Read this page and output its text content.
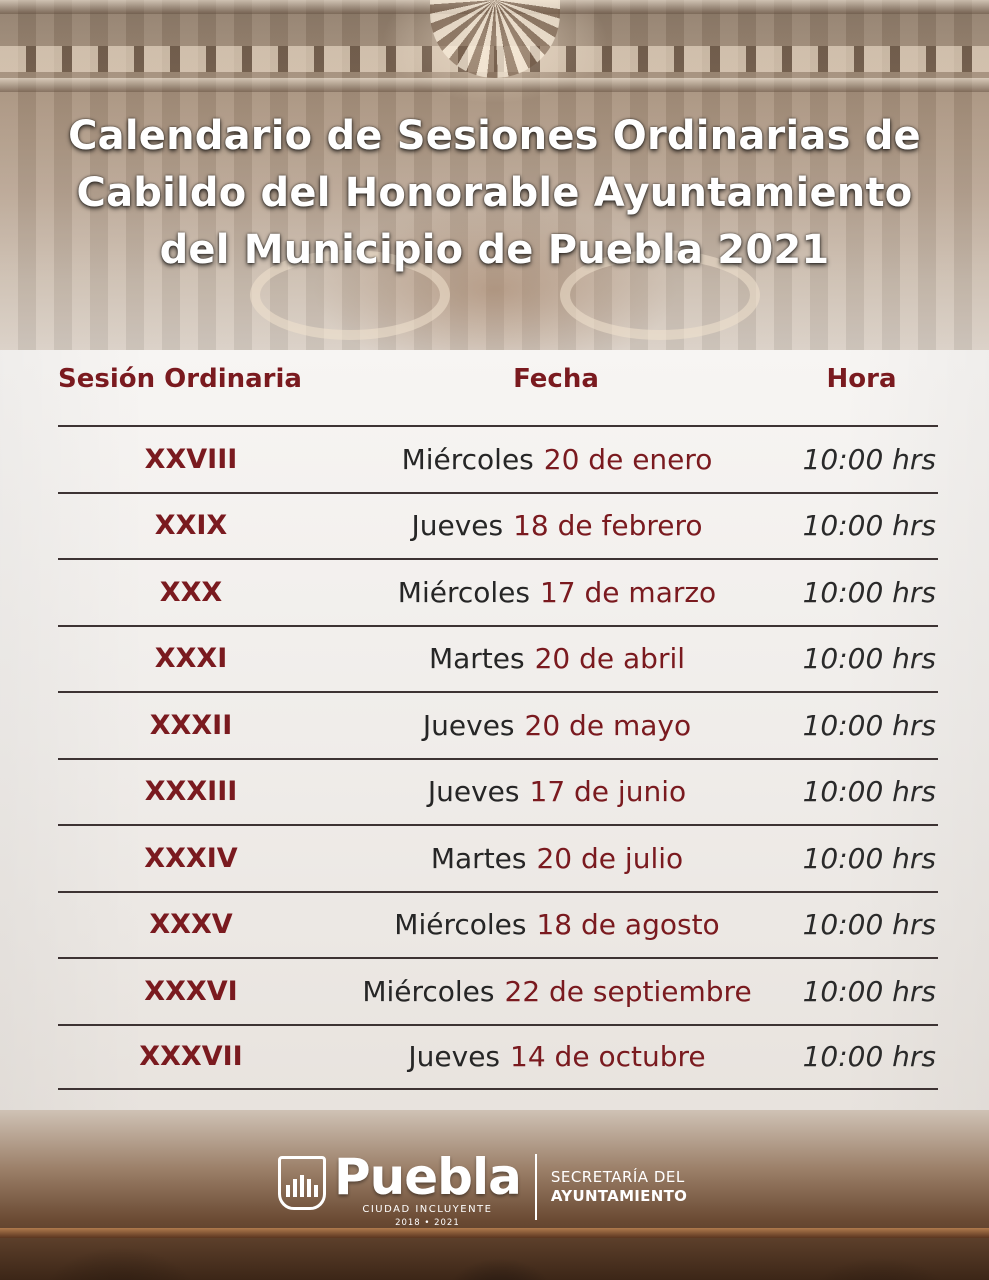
Calendario de Sesiones Ordinarias de
Cabildo del Honorable Ayuntamiento
del Municipio de Puebla 2021
Sesión Ordinaria	Fecha	Hora
XXVIII	Miércoles 20 de enero	10:00 hrs
XXIX	Jueves 18 de febrero	10:00 hrs
XXX	Miércoles 17 de marzo	10:00 hrs
XXXI	Martes 20 de abril	10:00 hrs
XXXII	Jueves 20 de mayo	10:00 hrs
XXXIII	Jueves 17 de junio	10:00 hrs
XXXIV	Martes 20 de julio	10:00 hrs
XXXV	Miércoles 18 de agosto	10:00 hrs
XXXVI	Miércoles 22 de septiembre	10:00 hrs
XXXVII	Jueves 14 de octubre	10:00 hrs
Puebla
CIUDAD INCLUYENTE
2018 • 2021
SECRETARÍA DEL
AYUNTAMIENTO
